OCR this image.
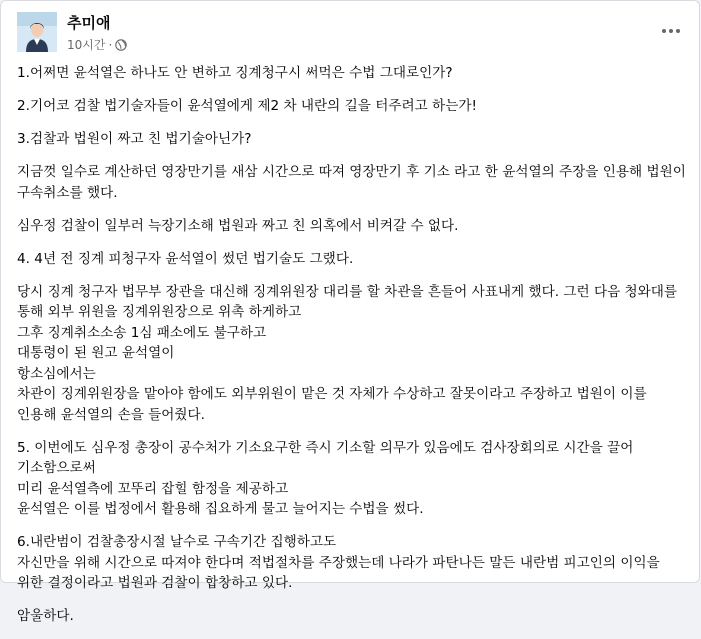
추미애
10시간 ·

1.어쩌면 윤석열은 하나도 안 변하고 징계청구시 써먹은 수법 그대로인가?

2.기어코 검찰 법기술자들이 윤석열에게 제2 차 내란의 길을 터주려고 하는가!

3.검찰과 법원이 짜고 친 법기술아닌가?

지금껏 일수로 계산하던 영장만기를 새삼 시간으로 따져 영장만기 후 기소 라고 한 윤석열의 주장을 인용해 법원이 구속취소를 했다.

심우정 검찰이 일부러 늑장기소해 법원과 짜고 친 의혹에서 비켜갈 수 없다.

4. 4년 전 징계 피청구자 윤석열이 썼던 법기술도 그랬다.

당시 징계 청구자 법무부 장관을 대신해 징계위원장 대리를 할 차관을 흔들어 사표내게 했다. 그런 다음 청와대를 통해 외부 위원을 징계위원장으로 위촉 하게하고
그후 징계취소소송 1심 패소에도 불구하고
대통령이 된 원고 윤석열이
항소심에서는
차관이 징계위원장을 맡아야 함에도 외부위원이 맡은 것 자체가 수상하고 잘못이라고 주장하고 법원이 이를 인용해 윤석열의 손을 들어줬다.

5. 이번에도 심우정 총장이 공수처가 기소요구한 즉시 기소할 의무가 있음에도 검사장회의로 시간을 끌어 기소함으로써
미리 윤석열측에 꼬뚜리 잡힐 함정을 제공하고
윤석열은 이를 법정에서 활용해 집요하게 물고 늘어지는 수법을 썼다.

6.내란범이 검찰총장시절 날수로 구속기간 집행하고도
자신만을 위해 시간으로 따져야 한다며 적법절차를 주장했는데 나라가 파탄나든 말든 내란범 피고인의 이익을 위한 결정이라고 법원과 검찰이 합창하고 있다.

암울하다.
